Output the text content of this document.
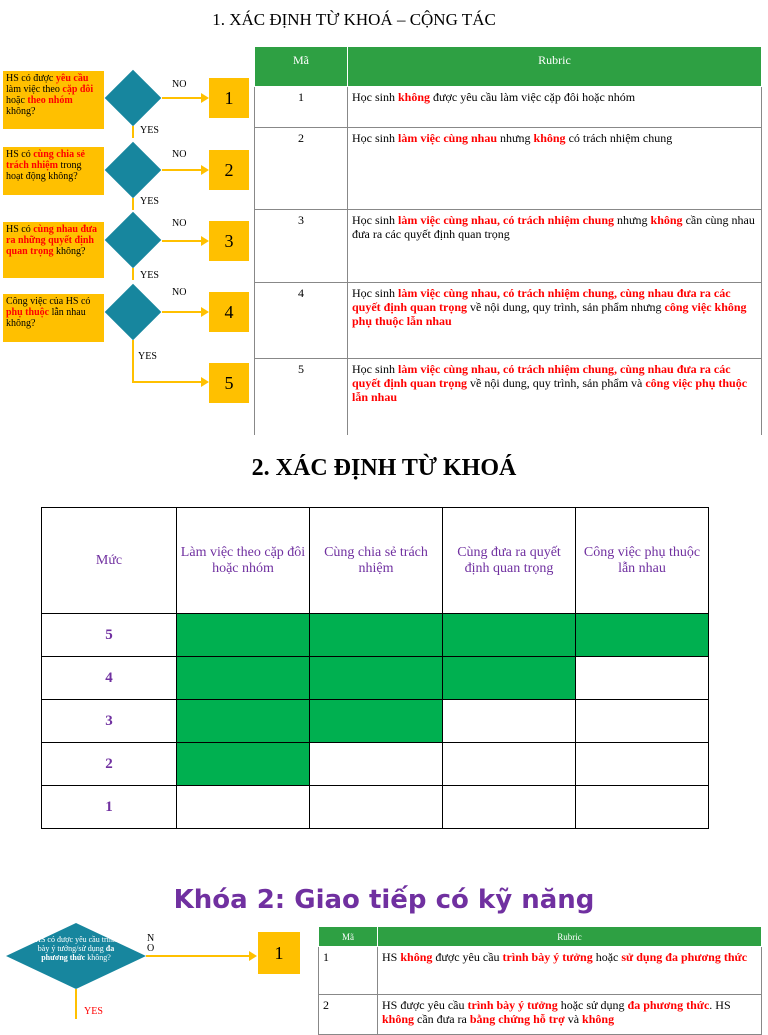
1. XÁC ĐỊNH TỪ KHOÁ – CỘNG TÁC
HS có được yêu cầu làm việc theo cặp đôi hoặc theo nhóm không?
HS có cùng chia sẻ trách nhiệm trong hoạt động không?
HS có cùng nhau đưa ra những quyết định quan trọng không?
Công việc của HS có phụ thuộc lẫn nhau không?
NO
NO
NO
NO
YES
YES
YES
YES
1
2
3
4
5
Mã	Rubric
1	Học sinh không được yêu cầu làm việc cặp đôi hoặc nhóm
2	Học sinh làm việc cùng nhau nhưng không có trách nhiệm chung
3	Học sinh làm việc cùng nhau, có trách nhiệm chung nhưng không cần cùng nhau đưa ra các quyết định quan trọng
4	Học sinh làm việc cùng nhau, có trách nhiệm chung, cùng nhau đưa ra các quyết định quan trọng về nội dung, quy trình, sản phẩm nhưng công việc không phụ thuộc lẫn nhau
5	Học sinh làm việc cùng nhau, có trách nhiệm chung, cùng nhau đưa ra các quyết định quan trọng về nội dung, quy trình, sản phẩm và công việc phụ thuộc lẫn nhau
2. XÁC ĐỊNH TỪ KHOÁ
Mức	Làm việc theo cặp đôi hoặc nhóm	Cùng chia sẻ trách nhiệm	Cùng đưa ra quyết định quan trọng	Công việc phụ thuộc lẫn nhau
5				
4				
3				
2				
1				
Khóa 2: Giao tiếp có kỹ năng
HS có được yêu cầu trình bày ý tưởng/sử dụng đa phương thức không?
N
O
YES
1
Mã	Rubric
1	HS không được yêu cầu trình bày ý tưởng hoặc sử dụng đa phương thức
2	HS được yêu cầu trình bày ý tưởng hoặc sử dụng đa phương thức. HS không cần đưa ra bằng chứng hỗ trợ và không
